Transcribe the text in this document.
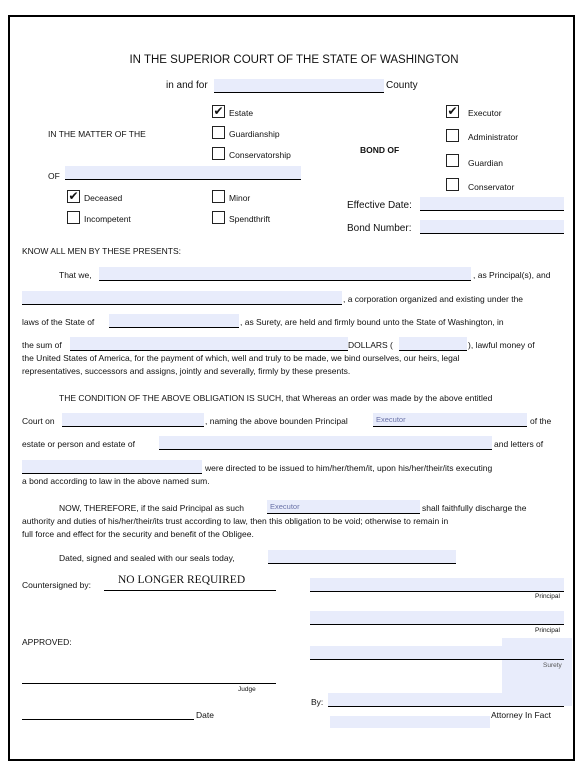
IN THE SUPERIOR COURT OF THE STATE OF WASHINGTON
in and for	County
IN THE MATTER OF THE
✔ Estate
Guardianship
Conservatorship
OF
✔ Deceased
Incompetent
Minor
Spendthrift
BOND OF
✔ Executor
Administrator
Guardian
Conservator
Effective Date:
Bond Number:
KNOW ALL MEN BY THESE PRESENTS:
That we,	, as Principal(s), and
, a corporation organized and existing under the
laws of the State of	, as Surety, are held and firmly bound unto the State of Washington, in
the sum of	DOLLARS (	), lawful money of
the United States of America, for the payment of which, well and truly to be made, we bind ourselves, our heirs, legal
representatives, successors and assigns, jointly and severally, firmly by these presents.
THE CONDITION OF THE ABOVE OBLIGATION IS SUCH, that Whereas an order was made by the above entitled
Court on	, naming the above bounden Principal	Executor	of the
estate or person and estate of	and letters of
were directed to be issued to him/her/them/it, upon his/her/their/its executing
a bond according to law in the above named sum.
NOW, THEREFORE, if the said Principal as such	Executor	shall faithfully discharge the
authority and duties of his/her/their/its trust according to law, then this obligation to be void; otherwise to remain in
full force and effect for the security and benefit of the Obligee.
Dated, signed and sealed with our seals today,
Countersigned by: NO LONGER REQUIRED
Principal
Principal
APPROVED:
Surety
Judge
By:
Date	Attorney In Fact
